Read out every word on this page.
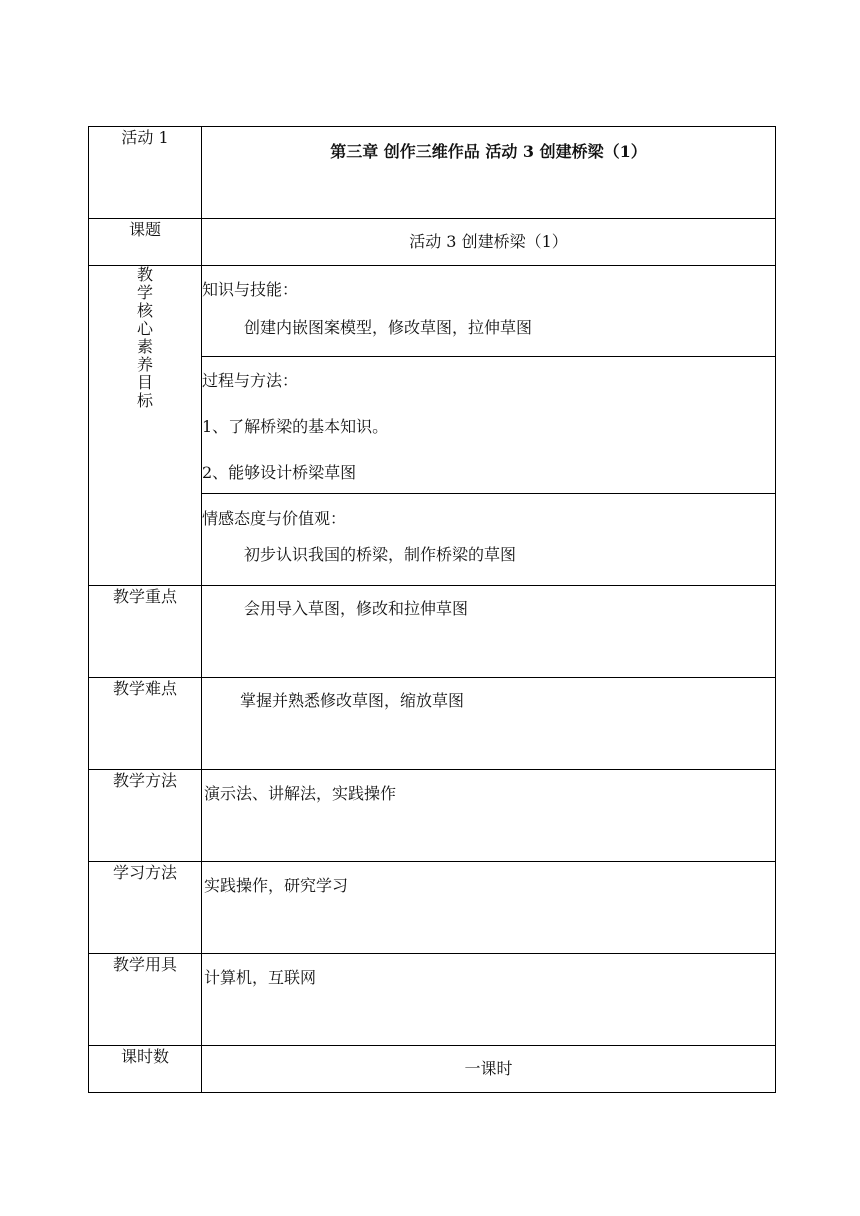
活动 1	第三章 创作三维作品 活动 3 创建桥梁（1）

课题	活动 3 创建桥梁（1）
教学核心素养目标	知识与技能：
创建内嵌图案模型，修改草图，拉伸草图

	过程与方法：
1、了解桥梁的基本知识。
2、能够设计桥梁草图

	情感态度与价值观：
初步认识我国的桥梁，制作桥梁的草图

教学重点	会用导入草图，修改和拉伸草图

教学难点	掌握并熟悉修改草图，缩放草图

教学方法	演示法、讲解法，实践操作

学习方法	实践操作，研究学习

教学用具	计算机，互联网

课时数	一课时
